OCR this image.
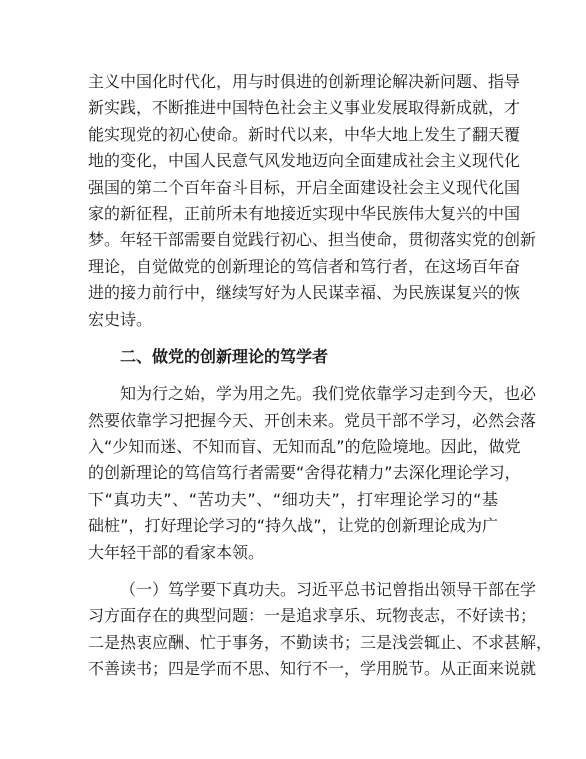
主义中国化时代化，用与时俱进的创新理论解决新问题、指导
新实践，不断推进中国特色社会主义事业发展取得新成就，才
能实现党的初心使命。新时代以来，中华大地上发生了翻天覆
地的变化，中国人民意气风发地迈向全面建成社会主义现代化
强国的第二个百年奋斗目标，开启全面建设社会主义现代化国
家的新征程，正前所未有地接近实现中华民族伟大复兴的中国
梦。年轻干部需要自觉践行初心、担当使命，贯彻落实党的创新
理论，自觉做党的创新理论的笃信者和笃行者，在这场百年奋
进的接力前行中，继续写好为人民谋幸福、为民族谋复兴的恢
宏史诗。
二、做党的创新理论的笃学者
知为行之始，学为用之先。我们党依靠学习走到今天，也必
然要依靠学习把握今天、开创未来。党员干部不学习，必然会落
入“少知而迷、不知而盲、无知而乱”的危险境地。因此，做党
的创新理论的笃信笃行者需要“舍得花精力”去深化理论学习，
下“真功夫”、“苦功夫”、“细功夫”，打牢理论学习的“基
础桩”，打好理论学习的“持久战”，让党的创新理论成为广
大年轻干部的看家本领。
（一）笃学要下真功夫。习近平总书记曾指出领导干部在学
习方面存在的典型问题：一是追求享乐、玩物丧志，不好读书；
二是热衷应酬、忙于事务，不勤读书；三是浅尝辄止、不求甚解，
不善读书；四是学而不思、知行不一，学用脱节。从正面来说就
